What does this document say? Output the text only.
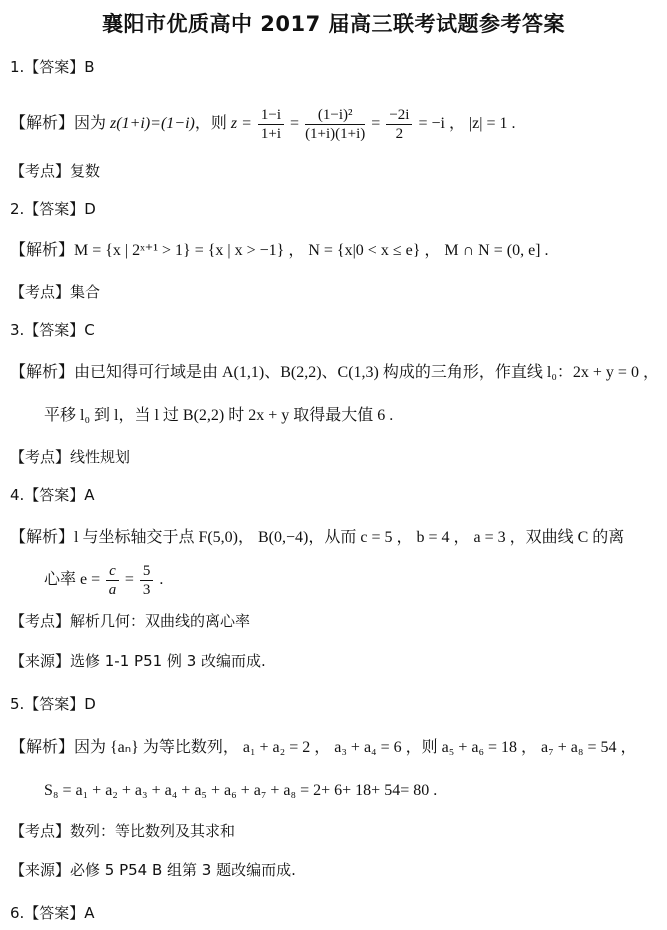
襄阳市优质高中 2017 届高三联考试题参考答案
1.【答案】B
【解析】因为 z(1+i)=(1−i)，则 $z = \frac{1-i}{1+i} = \frac{\text{(1−i)²}}{(1+i)(1+i)} = \frac{-2i}{2} = -i$ ， |z| = 1 .
【考点】复数
2.【答案】D
【解析】M = {x | 2ˣ⁺¹ > 1} = {x | x > −1} ， N = {x|0 < x ≤ e} ， M ∩ N = (0, e] .
【考点】集合
3.【答案】C
【解析】由已知得可行域是由 A(1,1)、B(2,2)、C(1,3) 构成的三角形，作直线 l₀：2x + y = 0 ，
平移 l₀ 到 l，当 l 过 B(2,2) 时 2x + y 取得最大值 6 .
【考点】线性规划
4.【答案】A
【解析】l 与坐标轴交于点 F(5,0)， B(0,−4)，从而 c = 5 ， b = 4 ， a = 3 ，双曲线 C 的离
心率 $e = \frac{c}{a} = \frac{5}{3}$ .
【考点】解析几何：双曲线的离心率
【来源】选修 1-1 P51 例 3 改编而成.
5.【答案】D
【解析】因为 {aₙ} 为等比数列， a₁ + a₂ = 2 ， a₃ + a₄ = 6 ，则 a₅ + a₆ = 18 ， a₇ + a₈ = 54 ，
S₈ = a₁ + a₂ + a₃ + a₄ + a₅ + a₆ + a₇ + a₈ = 2+ 6+ 18+ 54= 80 .
【考点】数列：等比数列及其求和
【来源】必修 5 P54 B 组第 3 题改编而成.
6.【答案】A
